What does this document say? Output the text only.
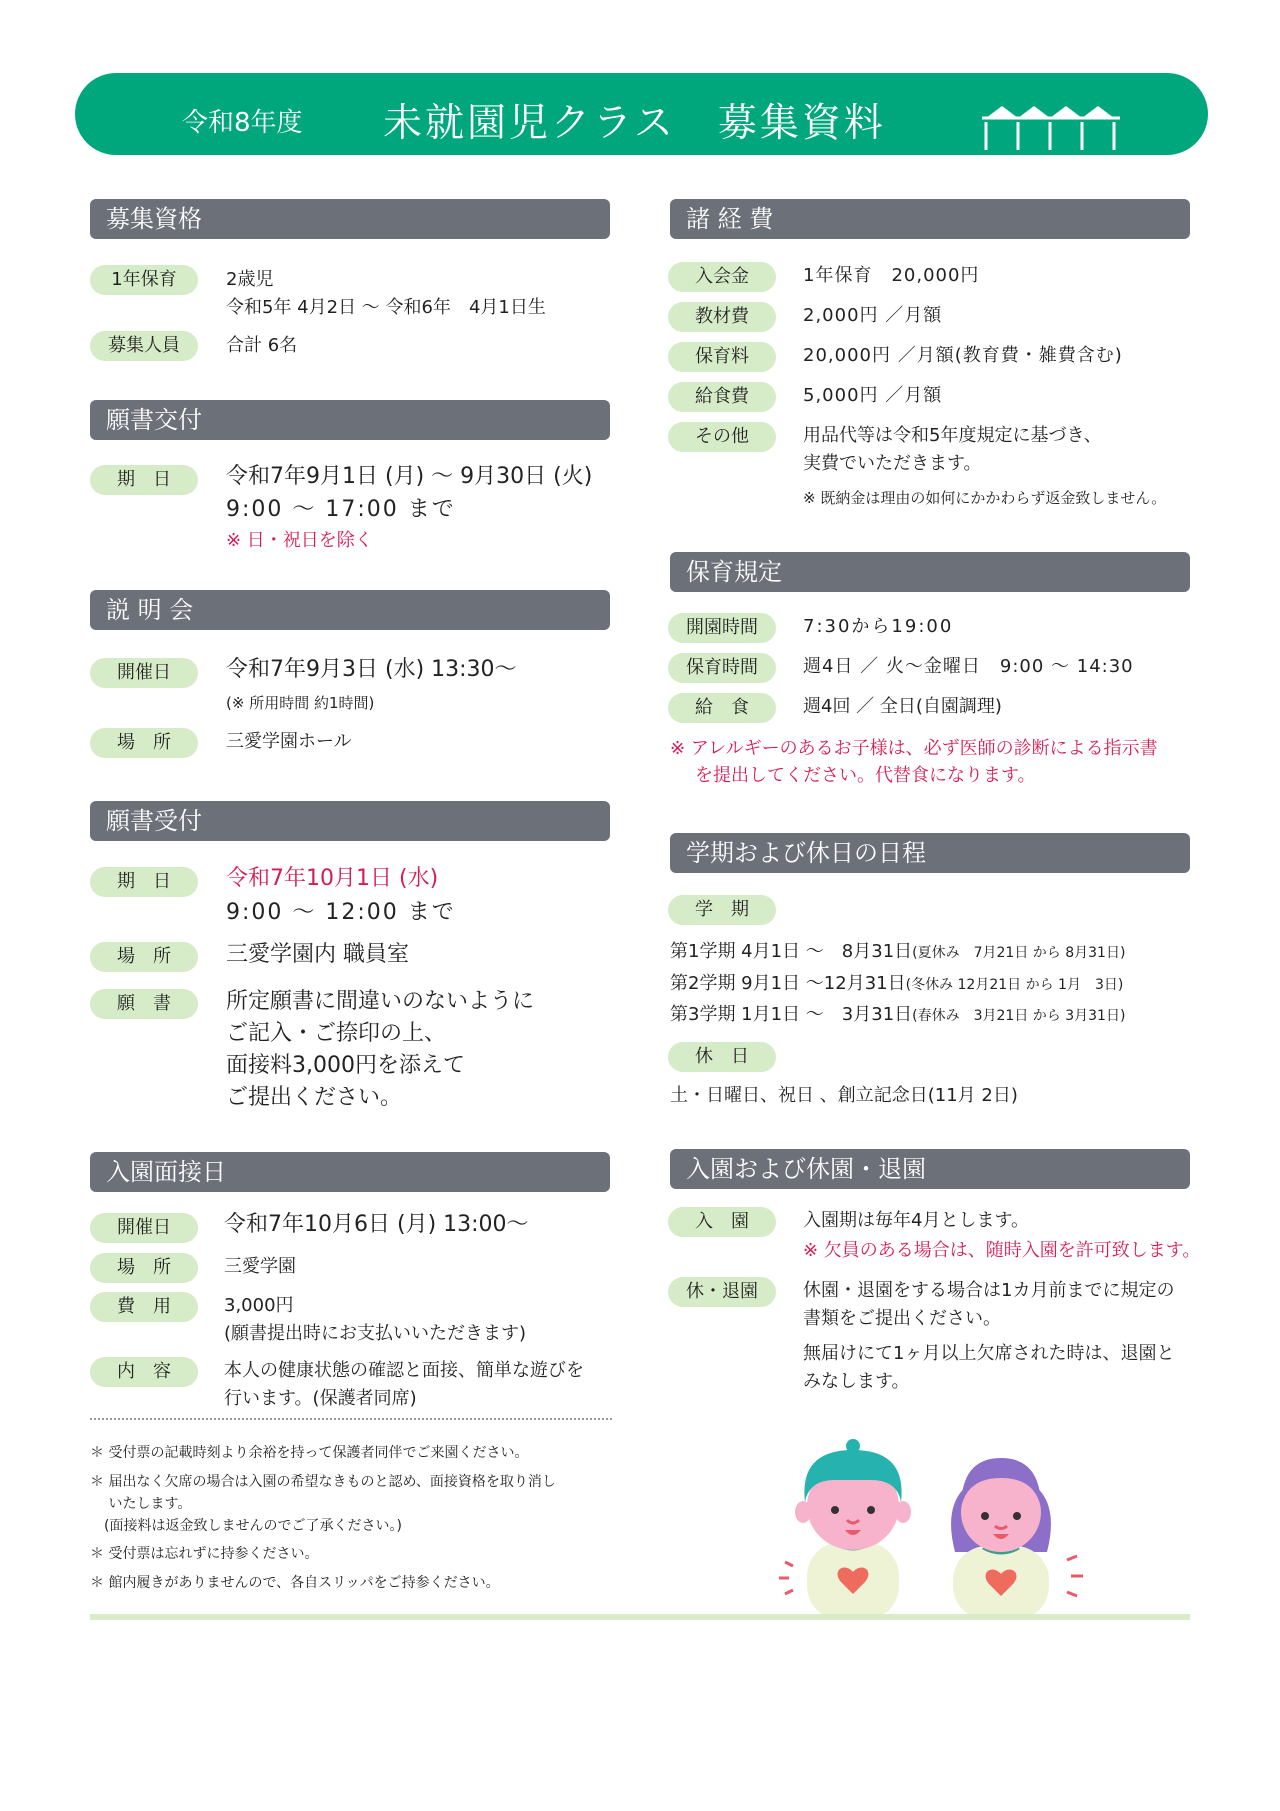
令和8年度 未就園児クラス　募集資料
募集資格
1年保育	2歳児
令和5年 4月2日 〜 令和6年　4月1日生
募集人員	合計 6名
願書交付
期　日	令和7年9月1日 (月) 〜 9月30日 (火)
9:00 〜 17:00 まで
※ 日・祝日を除く
説 明 会
開催日	令和7年9月3日 (水) 13:30〜
(※ 所用時間 約1時間)
場　所	三愛学園ホール
願書受付
期　日	令和7年10月1日 (水)
9:00 〜 12:00 まで
場　所	三愛学園内 職員室
願　書	所定願書に間違いのないように
ご記入・ご捺印の上、
面接料3,000円を添えて
ご提出ください。
入園面接日
開催日	令和7年10月6日 (月) 13:00〜
場　所	三愛学園
費　用	3,000円
(願書提出時にお支払いいただきます)
内　容	本人の健康状態の確認と面接、簡単な遊びを
行います。(保護者同席)
＊ 受付票の記載時刻より余裕を持って保護者同伴でご来園ください。
＊ 届出なく欠席の場合は入園の希望なきものと認め、面接資格を取り消し
　 いたします。
　(面接料は返金致しませんのでご了承ください。)
＊ 受付票は忘れずに持参ください。
＊ 館内履きがありませんので、各自スリッパをご持参ください。
諸 経 費
入会金	1年保育　20,000円
教材費	2,000円 ／月額
保育料	20,000円 ／月額(教育費・雑費含む)
給食費	5,000円 ／月額
その他	用品代等は令和5年度規定に基づき、
実費でいただきます。
※ 既納金は理由の如何にかかわらず返金致しません。
保育規定
開園時間	7:30から19:00
保育時間	週4日 ／ 火〜金曜日　9:00 〜 14:30
給　食	週4回 ／ 全日(自園調理)
※ アレルギーのあるお子様は、必ず医師の診断による指示書
を提出してください。代替食になります。
学期および休日の日程
学　期
第1学期 4月1日 〜　8月31日(夏休み　7月21日 から 8月31日)
第2学期 9月1日 〜12月31日(冬休み 12月21日 から 1月　3日)
第3学期 1月1日 〜　3月31日(春休み　3月21日 から 3月31日)
休　日
土・日曜日、祝日 、創立記念日(11月 2日)
入園および休園・退園
入　園	入園期は毎年4月とします。
※ 欠員のある場合は、随時入園を許可致します。
休・退園	休園・退園をする場合は1カ月前までに規定の
書類をご提出ください。
無届けにて1ヶ月以上欠席された時は、退園と
みなします。
